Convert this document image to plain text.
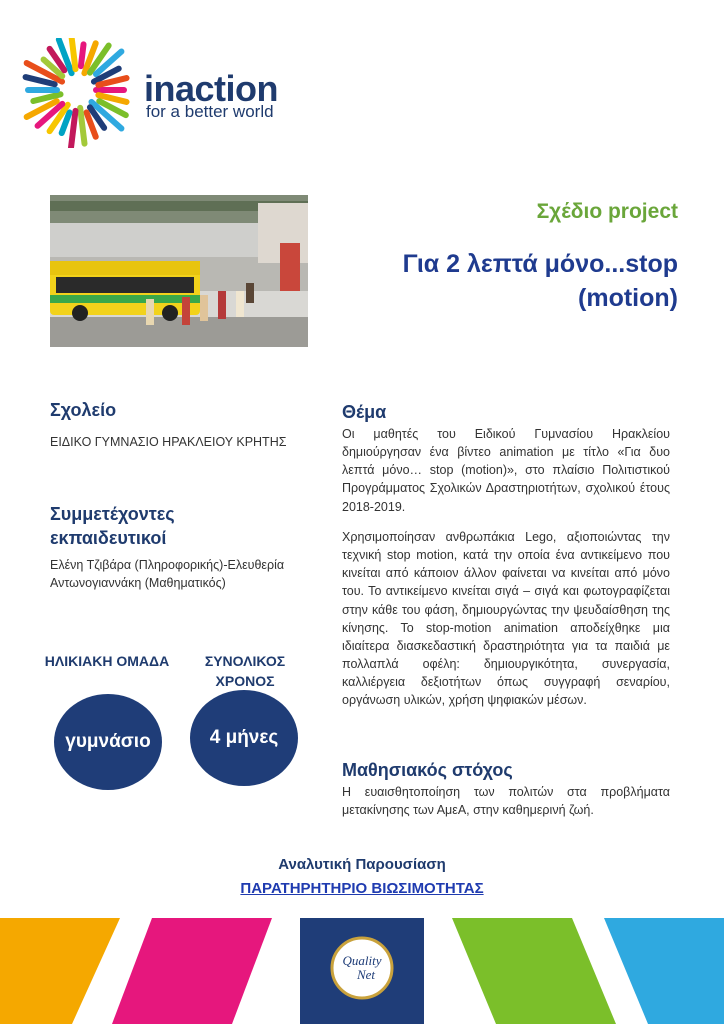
inaction
for a better world
Σχέδιο project
Για 2 λεπτά μόνο...stop (motion)
Σχολείο
ΕΙΔΙΚΟ ΓΥΜΝΑΣΙΟ ΗΡΑΚΛΕΙΟΥ ΚΡΗΤΗΣ
Συμμετέχοντες εκπαιδευτικοί
Ελένη Τζιβάρα (Πληροφορικής)-Ελευθερία Αντωνογιαννάκη (Μαθηματικός)
ΗΛΙΚΙΑΚΗ ΟΜΑΔΑ	ΣΥΝΟΛΙΚΟΣ ΧΡΟΝΟΣ
γυμνάσιο	4 μήνες
Θέμα
Οι μαθητές του Ειδικού Γυμνασίου Ηρακλείου δημιούργησαν ένα βίντεο animation με τίτλο «Για δυο λεπτά μόνο… stop (motion)», στο πλαίσιο Πολιτιστικού Προγράμματος Σχολικών Δραστηριοτήτων, σχολικού έτους 2018-2019.
Χρησιμοποίησαν ανθρωπάκια Lego, αξιοποιώντας την τεχνική stop motion, κατά την οποία ένα αντικείμενο που κινείται από κάποιον άλλον φαίνεται να κινείται από μόνο του. Το αντικείμενο κινείται σιγά – σιγά και φωτογραφίζεται στην κάθε του φάση, δημιουργώντας την ψευδαίσθηση της κίνησης. Το stop-motion animation αποδείχθηκε μια ιδιαίτερα διασκεδαστική δραστηριότητα για τα παιδιά με πολλαπλά οφέλη: δημιουργικότητα, συνεργασία, καλλιέργεια δεξιοτήτων όπως συγγραφή σεναρίου, οργάνωση υλικών, χρήση ψηφιακών μέσων.
Μαθησιακός στόχος
Η ευαισθητοποίηση των πολιτών στα προβλήματα μετακίνησης των ΑμεΑ, στην καθημερινή ζωή.
Αναλυτική Παρουσίαση
ΠΑΡΑΤΗΡΗΤΗΡΙΟ ΒΙΩΣΙΜΟΤΗΤΑΣ
Quality
Net
